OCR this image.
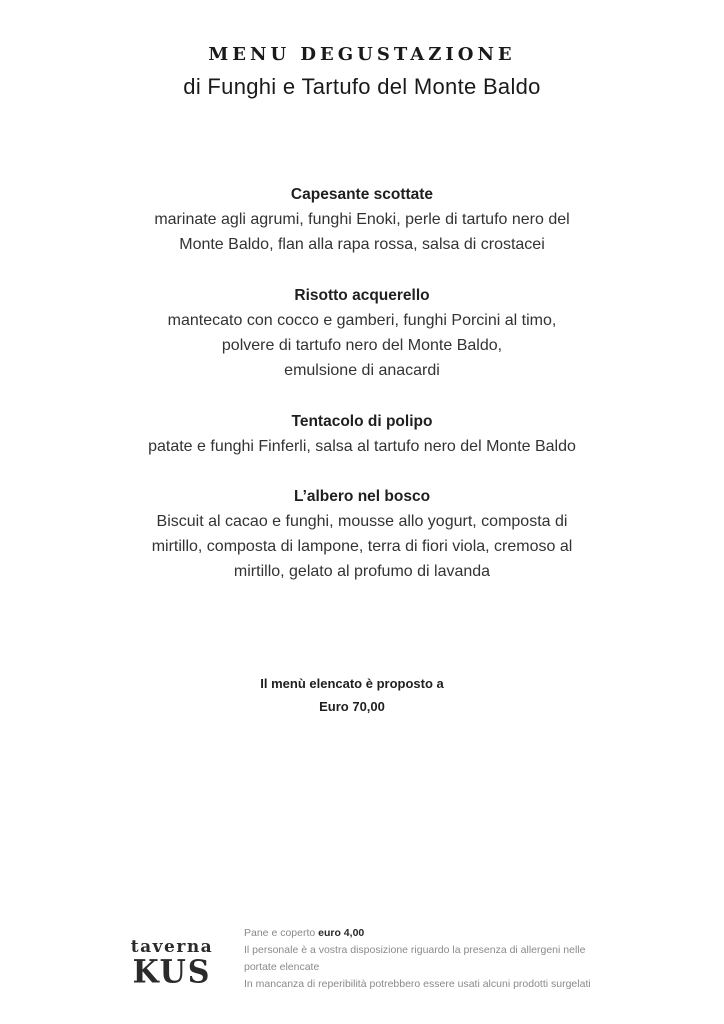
MENU DEGUSTAZIONE
di Funghi e Tartufo del Monte Baldo
Capesante scottate
marinate agli agrumi, funghi Enoki, perle di tartufo nero del
Monte Baldo, flan alla rapa rossa, salsa di crostacei
Risotto acquerello
mantecato con cocco e gamberi, funghi Porcini al timo,
polvere di tartufo nero del Monte Baldo,
emulsione di anacardi
Tentacolo di polipo
patate e funghi Finferli, salsa al tartufo nero del Monte Baldo
L’albero nel bosco
Biscuit al cacao e funghi, mousse allo yogurt, composta di
mirtillo, composta di lampone, terra di fiori viola, cremoso al
mirtillo, gelato al profumo di lavanda
Il menù elencato è proposto a
Euro 70,00
taverna
KUS
Pane e coperto euro 4,00
Il personale è a vostra disposizione riguardo la presenza di allergeni nelle
portate elencate
In mancanza di reperibilità potrebbero essere usati alcuni prodotti surgelati
